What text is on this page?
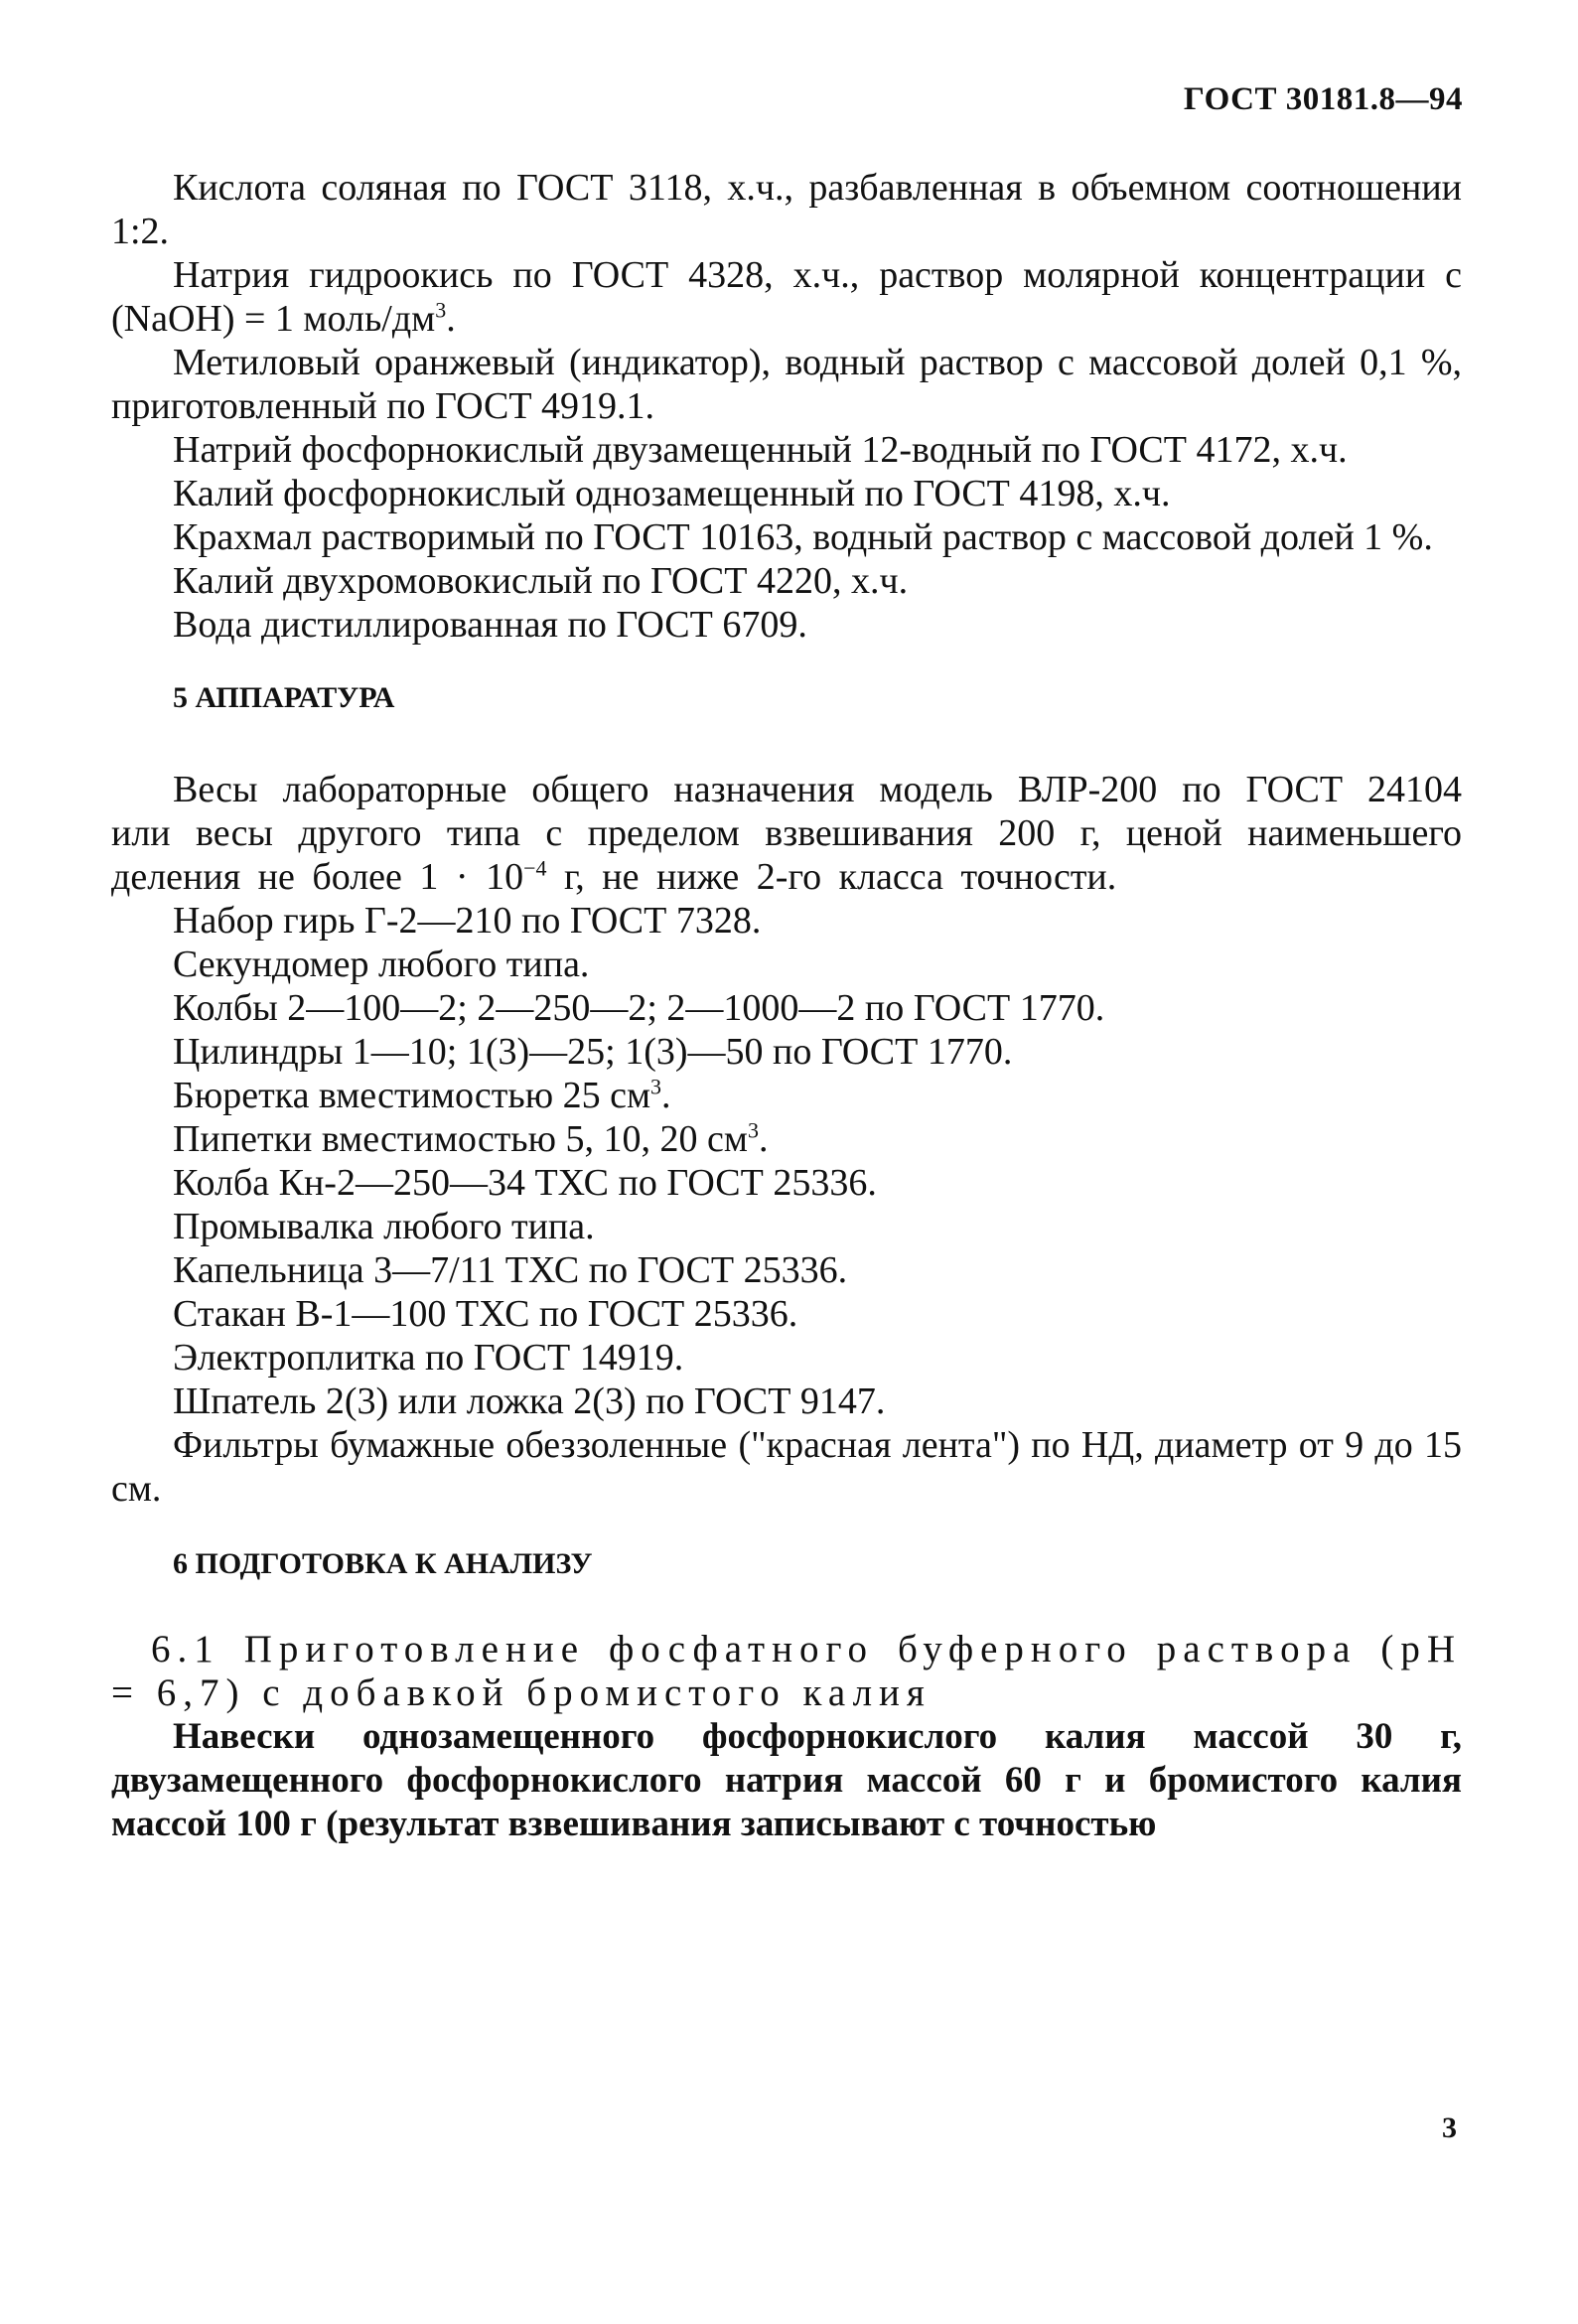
ГОСТ 30181.8—94

Кислота соляная по ГОСТ 3118, х.ч., разбавленная в объемном соотношении 1:2.

Натрия гидроокись по ГОСТ 4328, х.ч., раствор молярной концентрации c (NaOH) = 1 моль/$дм^3$.

Метиловый оранжевый (индикатор), водный раствор с массовой долей 0,1 %, приготовленный по ГОСТ 4919.1.

Натрий фосфорнокислый двузамещенный 12-водный по ГОСТ 4172, х.ч.

Калий фосфорнокислый однозамещенный по ГОСТ 4198, х.ч.

Крахмал растворимый по ГОСТ 10163, водный раствор с массовой долей 1 %.

Калий двухромовокислый по ГОСТ 4220, х.ч.

Вода дистиллированная по ГОСТ 6709.

5 АППАРАТУРА

Весы лабораторные общего назначения модель ВЛР-200 по ГОСТ 24104 или весы другого типа с пределом взвешивания 200 г, ценой наименьшего деления не более $1 \cdot 10^{-4}$ г, не ниже 2-го класса точности.

Набор гирь Г-2—210 по ГОСТ 7328.

Секундомер любого типа.

Колбы 2—100—2; 2—250—2; 2—1000—2 по ГОСТ 1770.

Цилиндры 1—10; 1(3)—25; 1(3)—50 по ГОСТ 1770.

Бюретка вместимостью 25 $см^3$.

Пипетки вместимостью 5, 10, 20 $см^3$.

Колба Кн-2—250—34 ТХС по ГОСТ 25336.

Промывалка любого типа.

Капельница 3—7/11 ТХС по ГОСТ 25336.

Стакан В-1—100 ТХС по ГОСТ 25336.

Электроплитка по ГОСТ 14919.

Шпатель 2(3) или ложка 2(3) по ГОСТ 9147.

Фильтры бумажные обеззоленные ("красная лента") по НД, диаметр от 9 до 15 см.

6 ПОДГОТОВКА К АНАЛИЗУ

6.1 Приготовление фосфатного буферного раствора (рН = 6,7) с добавкой бромистого калия

Навески однозамещенного фосфорнокислого калия массой 30 г, двузамещенного фосфорнокислого натрия массой 60 г и бромистого калия массой 100 г (результат взвешивания записывают с точностью

3
